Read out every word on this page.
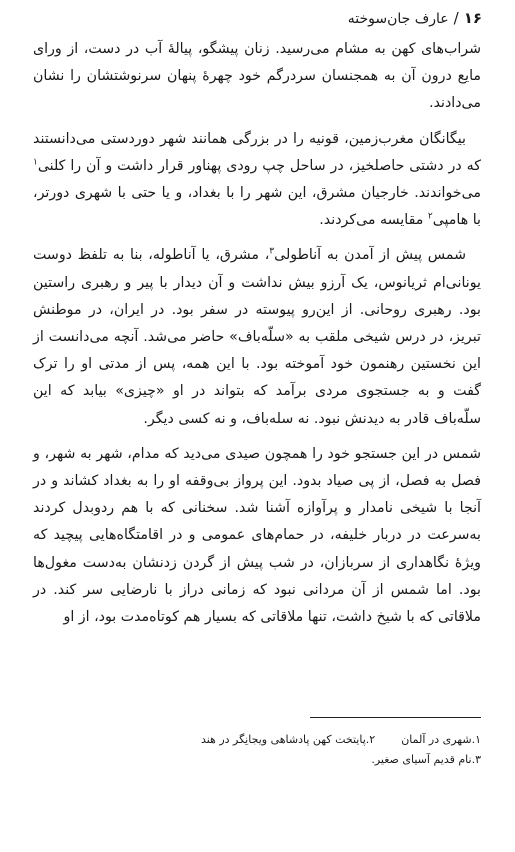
۱۶/عارف جان‌سوخته

شراب‌های کهن به مشام می‌رسید. زنان پیشگو، پیالهٔ آب در دست، از ورای مایع درون آن به همجنسان سردرگم خود چهرهٔ پنهان سرنوشتشان را نشان می‌دادند.

بیگانگان مغرب‌زمین، قونیه را در بزرگی همانند شهر دوردستی می‌دانستند که در دشتی حاصلخیز، در ساحل چپ رودی پهناور قرار داشت و آن را کلنی$^۱$ می‌خواندند. خارجیان مشرق، این شهر را با بغداد، و یا حتی با شهری دورتر، با هامپی$^۲$ مقایسه می‌کردند.

شمس پیش از آمدن به آناطولی$^۳$، مشرق، یا آناطوله، بنا به تلفظ دوست یونانی‌ام ثریانوس، یک آرزو بیش نداشت و آن دیدار با پیر و رهبری راستین بود. رهبری روحانی. از این‌رو پیوسته در سفر بود. در ایران، در موطنش تبریز، در درس شیخی ملقب به «سلّه‌باف» حاضر می‌شد. آنچه می‌دانست از این نخستین رهنمون خود آموخته بود. با این همه، پس از مدتی او را ترک گفت و به جستجوی مردی برآمد که بتواند در او «چیزی» بیابد که این سلّه‌باف قادر به دیدنش نبود. نه سله‌باف، و نه کسی دیگر.

شمس در این جستجو خود را همچون صیدی می‌دید که مدام، شهر به شهر، و فصل به فصل، از پی صیاد بدود. این پرواز بی‌وقفه او را به بغداد کشاند و در آنجا با شیخی نامدار و پرآوازه آشنا شد. سخنانی که با هم ردوبدل کردند به‌سرعت در دربار خلیفه، در حمام‌های عمومی و در اقامتگاه‌هایی پیچید که ویژهٔ نگاهداری از سربازان، در شب پیش از گردن زدنشان به‌دست مغول‌ها بود. اما شمس از آن مردانی نبود که زمانی دراز با نارضایی سر کند. در ملاقاتی که با شیخ داشت، تنها ملاقاتی که بسیار هم کوتاه‌مدت بود، از او

۱.شهری در آلمان
۲.پایتخت کهن پادشاهی ویجانِگر در هند
۳.نام قدیم آسیای صغیر.
